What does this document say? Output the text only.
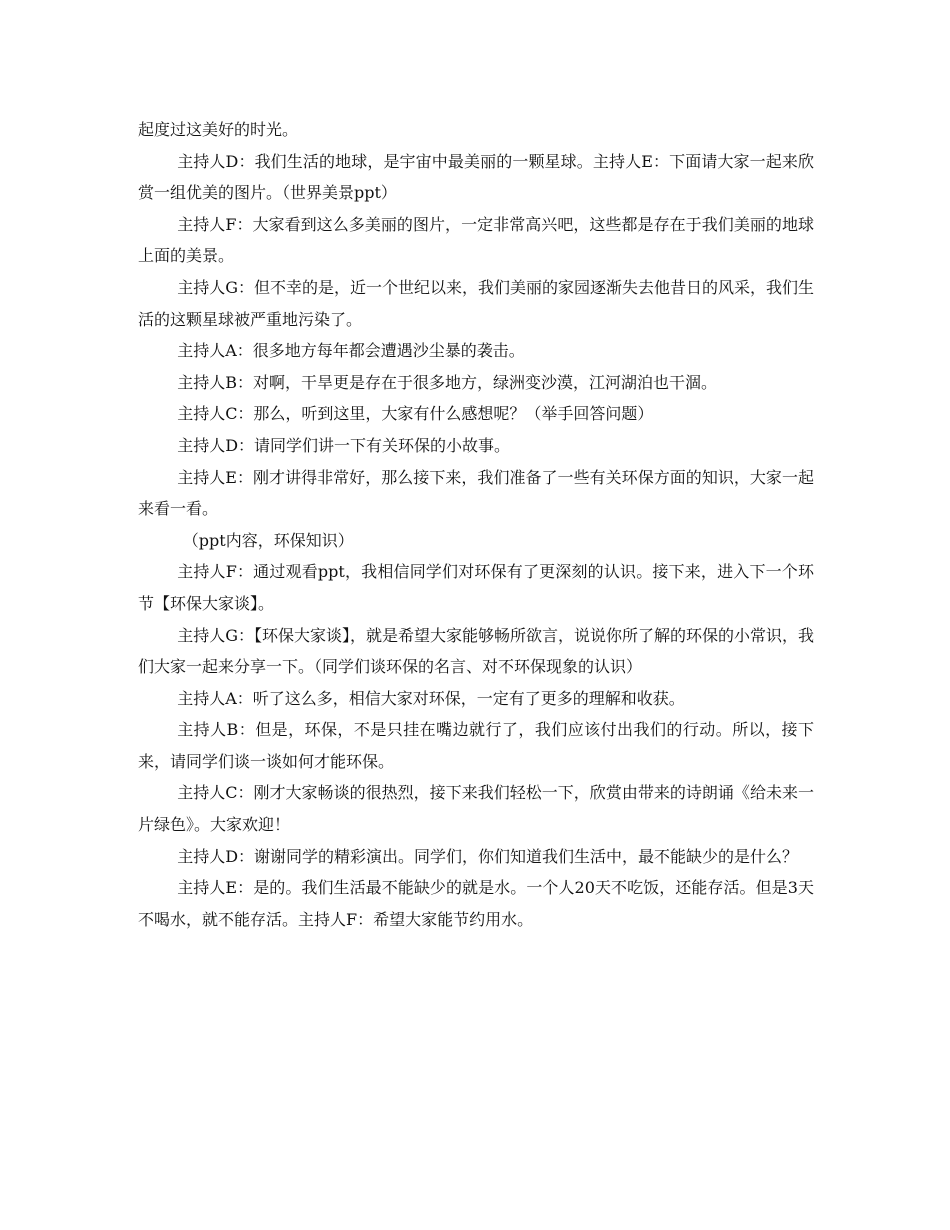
起度过这美好的时光。

主持人D：我们生活的地球，是宇宙中最美丽的一颗星球。主持人E：下面请大家一起来欣赏一组优美的图片。（世界美景ppt）

主持人F：大家看到这么多美丽的图片，一定非常高兴吧，这些都是存在于我们美丽的地球上面的美景。

主持人G：但不幸的是，近一个世纪以来，我们美丽的家园逐渐失去他昔日的风采，我们生活的这颗星球被严重地污染了。

主持人A：很多地方每年都会遭遇沙尘暴的袭击。

主持人B：对啊，干旱更是存在于很多地方，绿洲变沙漠，江河湖泊也干涸。

主持人C：那么，听到这里，大家有什么感想呢？（举手回答问题）

主持人D：请同学们讲一下有关环保的小故事。

主持人E：刚才讲得非常好，那么接下来，我们准备了一些有关环保方面的知识，大家一起来看一看。

（ppt内容，环保知识）

主持人F：通过观看ppt，我相信同学们对环保有了更深刻的认识。接下来，进入下一个环节【环保大家谈】。

主持人G：【环保大家谈】，就是希望大家能够畅所欲言，说说你所了解的环保的小常识，我们大家一起来分享一下。（同学们谈环保的名言、对不环保现象的认识）

主持人A：听了这么多，相信大家对环保，一定有了更多的理解和收获。

主持人B：但是，环保，不是只挂在嘴边就行了，我们应该付出我们的行动。所以，接下来，请同学们谈一谈如何才能环保。

主持人C：刚才大家畅谈的很热烈，接下来我们轻松一下，欣赏由带来的诗朗诵《给未来一片绿色》。大家欢迎！

主持人D：谢谢同学的精彩演出。同学们，你们知道我们生活中，最不能缺少的是什么？

主持人E：是的。我们生活最不能缺少的就是水。一个人20天不吃饭，还能存活。但是3天不喝水，就不能存活。主持人F：希望大家能节约用水。
